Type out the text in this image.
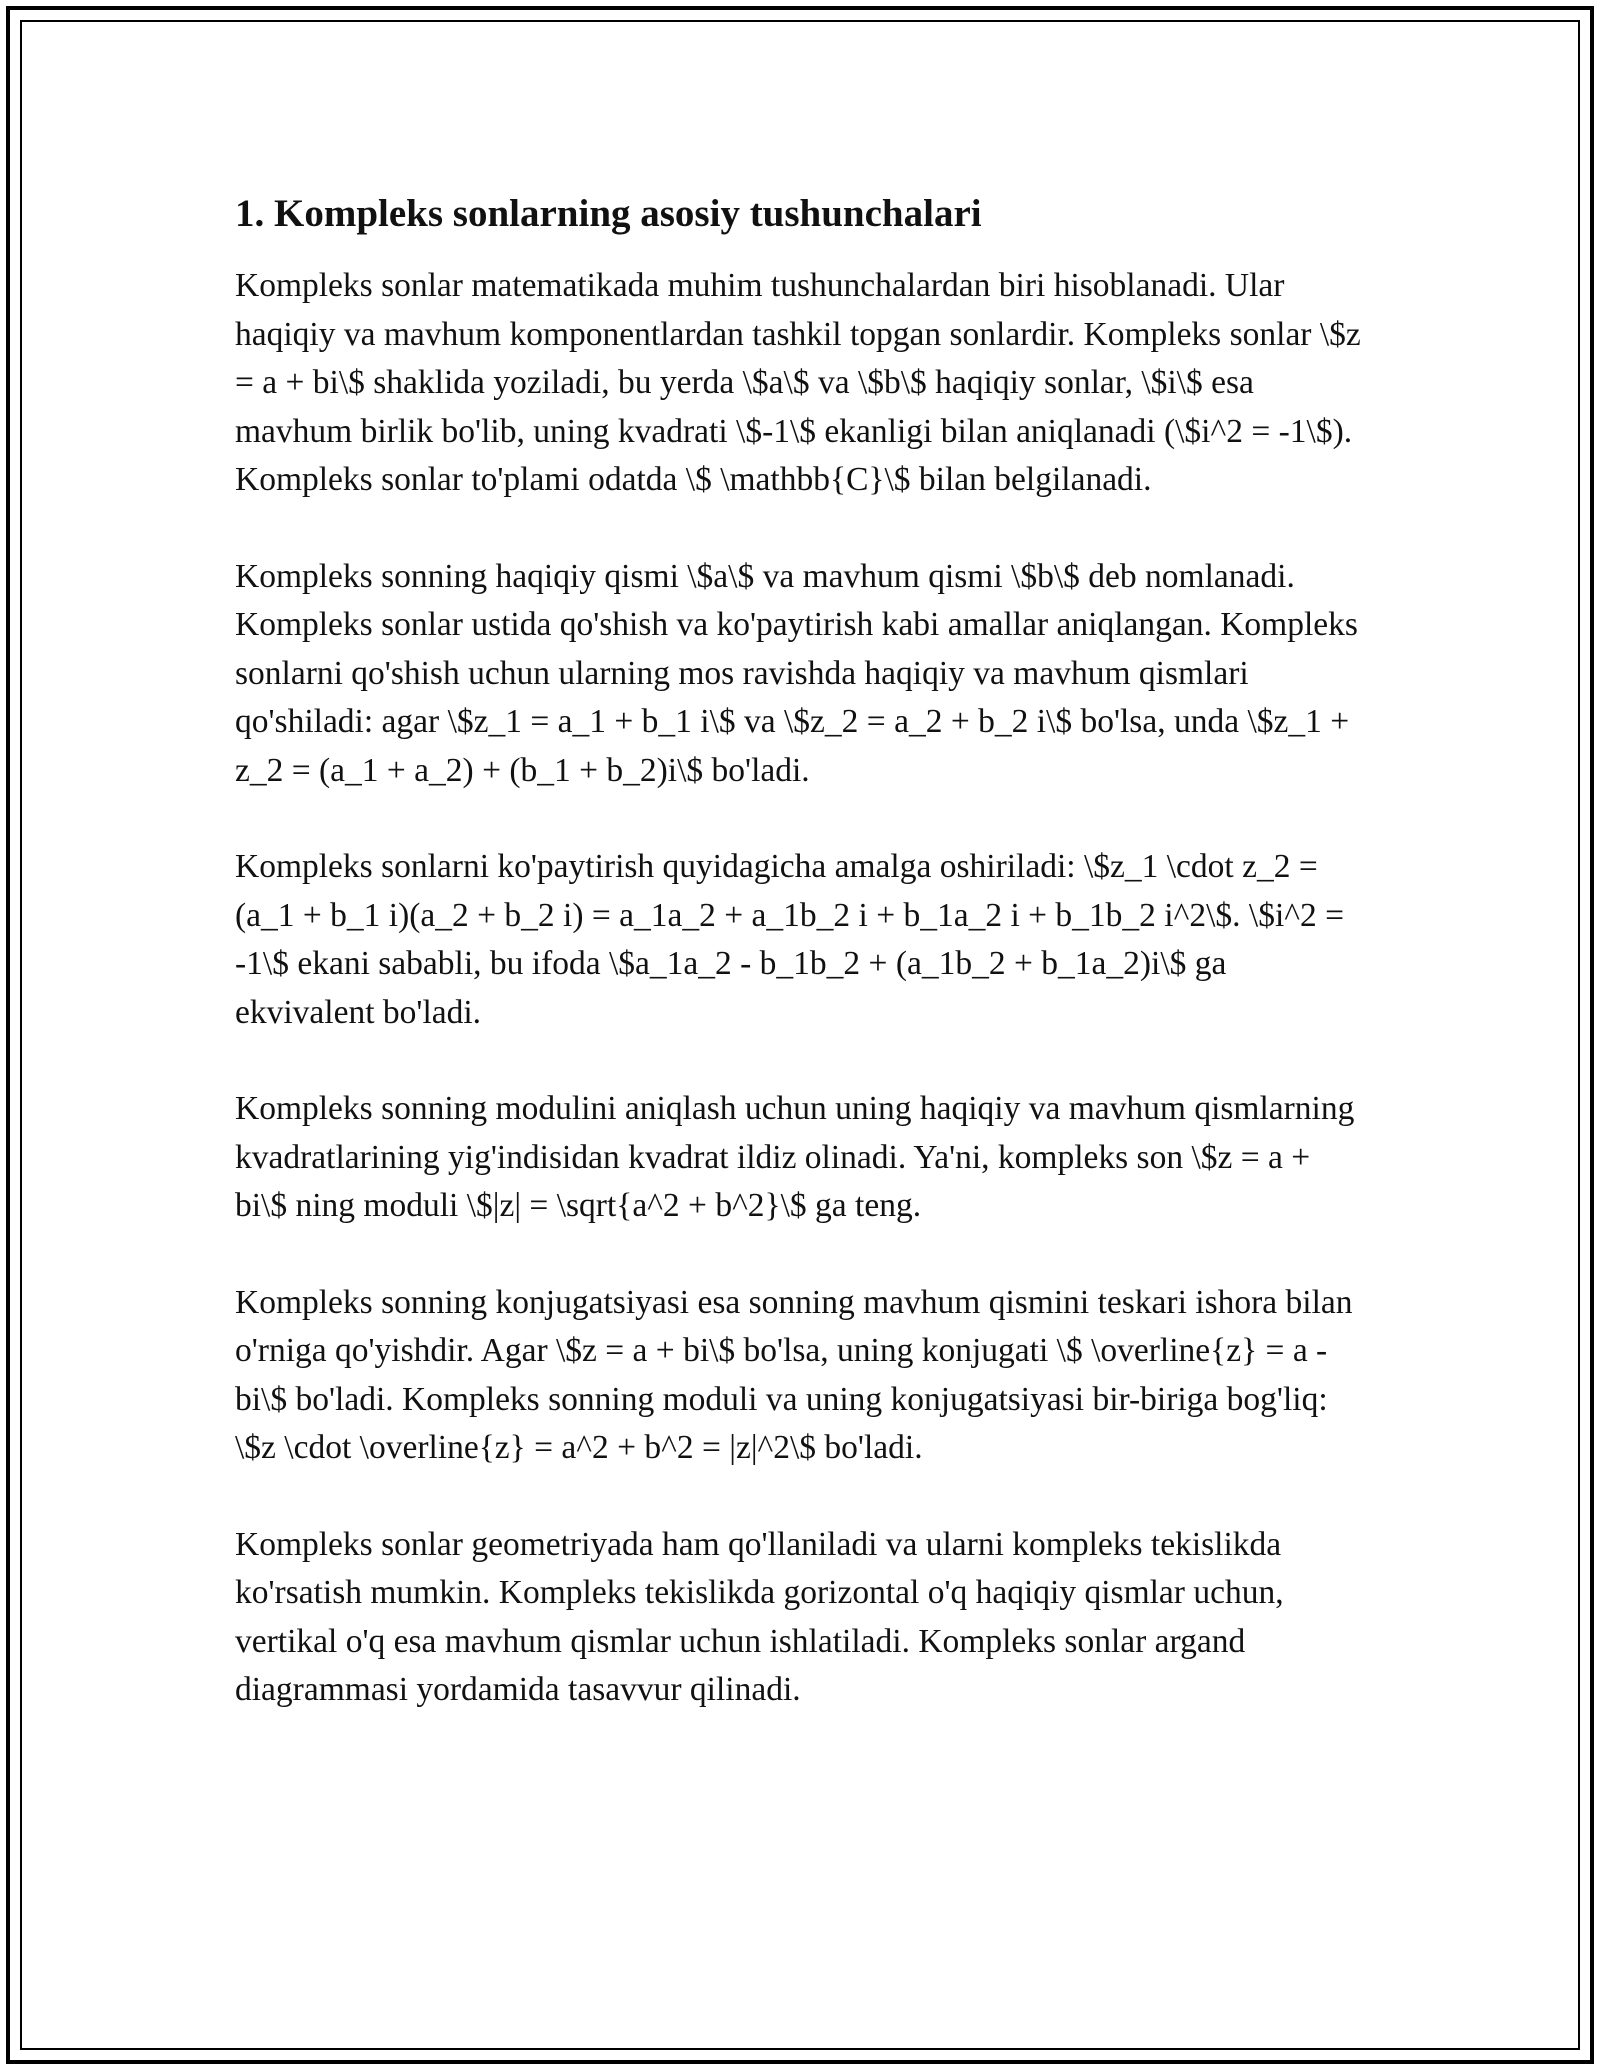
1. Kompleks sonlarning asosiy tushunchalari

Kompleks sonlar matematikada muhim tushunchalardan biri hisoblanadi. Ular haqiqiy va mavhum komponentlardan tashkil topgan sonlardir. Kompleks sonlar \$z = a + bi\$ shaklida yoziladi, bu yerda \$a\$ va \$b\$ haqiqiy sonlar, \$i\$ esa mavhum birlik bo'lib, uning kvadrati \$-1\$ ekanligi bilan aniqlanadi (\$i^2 = -1\$). Kompleks sonlar to'plami odatda \$ \mathbb{C}\$ bilan belgilanadi.

Kompleks sonning haqiqiy qismi \$a\$ va mavhum qismi \$b\$ deb nomlanadi. Kompleks sonlar ustida qo'shish va ko'paytirish kabi amallar aniqlangan. Kompleks sonlarni qo'shish uchun ularning mos ravishda haqiqiy va mavhum qismlari qo'shiladi: agar \$z_1 = a_1 + b_1 i\$ va \$z_2 = a_2 + b_2 i\$ bo'lsa, unda \$z_1 + z_2 = (a_1 + a_2) + (b_1 + b_2)i\$ bo'ladi.

Kompleks sonlarni ko'paytirish quyidagicha amalga oshiriladi: \$z_1 \cdot z_2 = (a_1 + b_1 i)(a_2 + b_2 i) = a_1a_2 + a_1b_2 i + b_1a_2 i + b_1b_2 i^2\$. \$i^2 = -1\$ ekani sababli, bu ifoda \$a_1a_2 - b_1b_2 + (a_1b_2 + b_1a_2)i\$ ga ekvivalent bo'ladi.

Kompleks sonning modulini aniqlash uchun uning haqiqiy va mavhum qismlarning kvadratlarining yig'indisidan kvadrat ildiz olinadi. Ya'ni, kompleks son \$z = a + bi\$ ning moduli \$|z| = \sqrt{a^2 + b^2}\$ ga teng.

Kompleks sonning konjugatsiyasi esa sonning mavhum qismini teskari ishora bilan o'rniga qo'yishdir. Agar \$z = a + bi\$ bo'lsa, uning konjugati \$ \overline{z} = a - bi\$ bo'ladi. Kompleks sonning moduli va uning konjugatsiyasi bir-biriga bog'liq: \$z \cdot \overline{z} = a^2 + b^2 = |z|^2\$ bo'ladi.

Kompleks sonlar geometriyada ham qo'llaniladi va ularni kompleks tekislikda ko'rsatish mumkin. Kompleks tekislikda gorizontal o'q haqiqiy qismlar uchun, vertikal o'q esa mavhum qismlar uchun ishlatiladi. Kompleks sonlar argand diagrammasi yordamida tasavvur qilinadi.
